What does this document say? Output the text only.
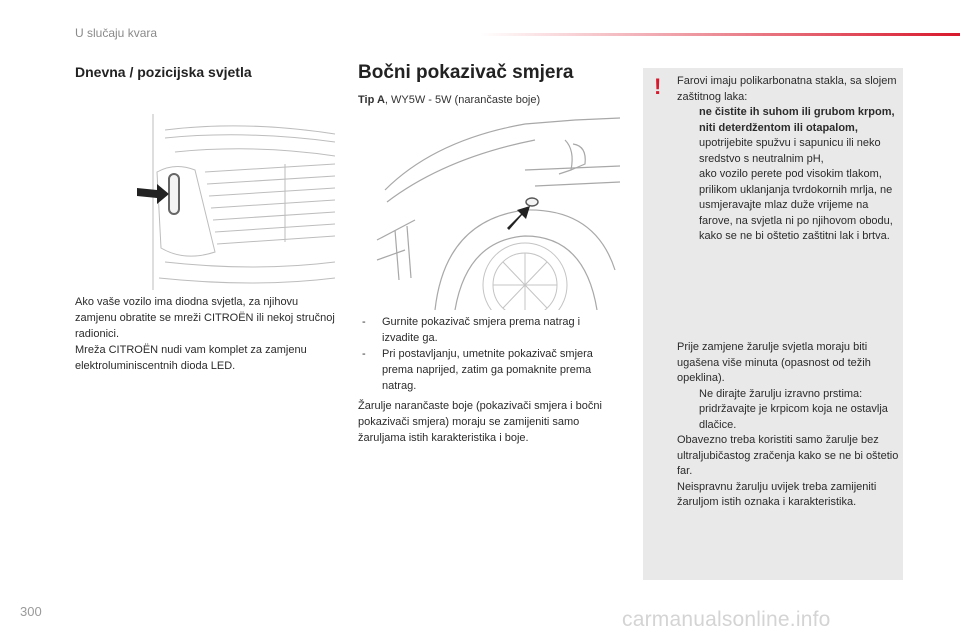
U slučaju kvara
Dnevna / pozicijska svjetla
Ako vaše vozilo ima diodna svjetla, za njihovu zamjenu obratite se mreži CITROËN ili nekoj stručnoj radionici.
Mreža CITROËN nudi vam komplet za zamjenu elektroluminiscentnih dioda LED.
Bočni pokazivač smjera
Tip A, WY5W - 5W (narančaste boje)
- Gurnite pokazivač smjera prema natrag i izvadite ga.
- Pri postavljanju, umetnite pokazivač smjera prema naprijed, zatim ga pomaknite prema natrag.
Žarulje narančaste boje (pokazivači smjera i bočni pokazivači smjera) moraju se zamijeniti samo žaruljama istih karakteristika i boje.
! Farovi imaju polikarbonatna stakla, sa slojem zaštitnog laka:
ne čistite ih suhom ili grubom krpom, niti deterdžentom ili otapalom,
upotrijebite spužvu i sapunicu ili neko sredstvo s neutralnim pH,
ako vozilo perete pod visokim tlakom, prilikom uklanjanja tvrdokornih mrlja, ne usmjeravajte mlaz duže vrijeme na farove, na svjetla ni po njihovom obodu, kako se ne bi oštetio zaštitni lak i brtva.
Prije zamjene žarulje svjetla moraju biti ugašena više minuta (opasnost od težih opeklina).
Ne dirajte žarulju izravno prstima: pridržavajte je krpicom koja ne ostavlja dlačice.
Obavezno treba koristiti samo žarulje bez ultraljubičastog zračenja kako se ne bi oštetio far.
Neispravnu žarulju uvijek treba zamijeniti žaruljom istih oznaka i karakteristika.
300	carmanualsonline.info
